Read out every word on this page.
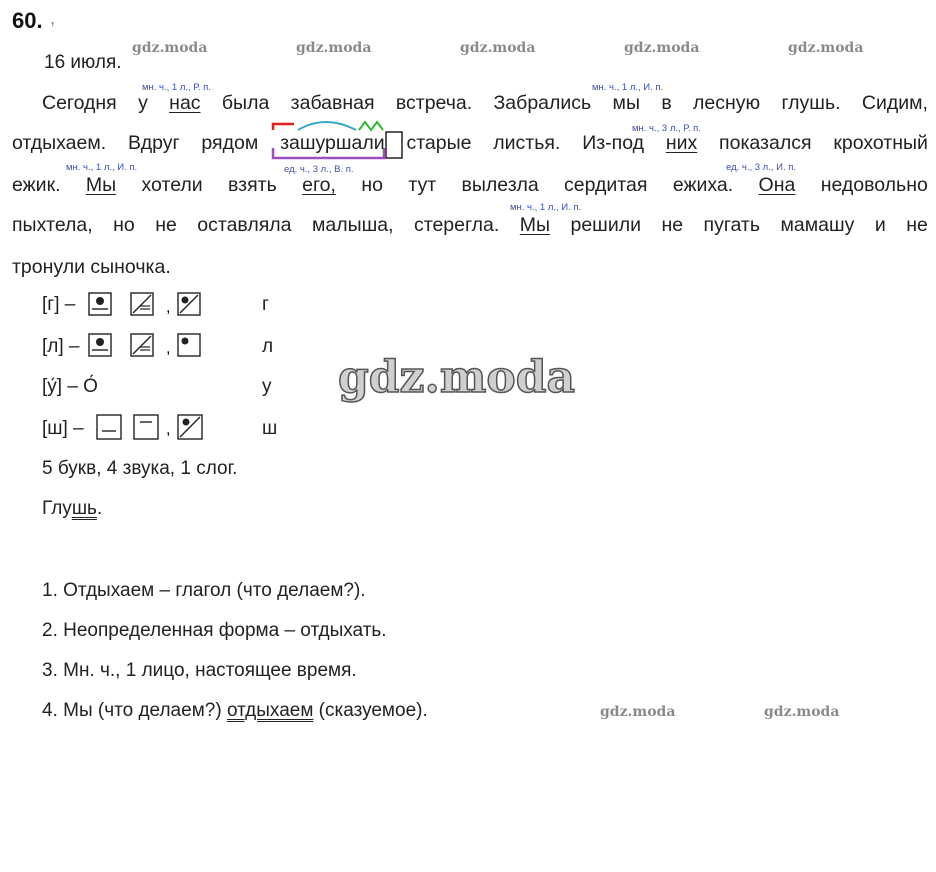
60. ,
gdz.moda	gdz.moda	gdz.moda	gdz.moda	gdz.moda
16 июля.
мн. ч., 1 л., Р. п.	мн. ч., 1 л., И. п.
мн. ч., 3 л., Р. п.
мн. ч., 1 л., И. п.	ед. ч., 3 л., В. п.	ед. ч., 3 л., И. п.
мн. ч., 1 л., И. п.
Сегодня у нас была забавная встреча. Забрались мы в лесную глушь. Сидим,
отдыхаем. Вдруг рядом зашуршали старые листья. Из-под них показался крохотный
ежик. Мы хотели взять его, но тут вылезла сердитая ежиха. Она недовольно
пыхтела, но не оставляла малыша, стерегла. Мы решили не пугать мамашу и не
тронули сыночка.
[г] –	,	г
[л] –	,	л
[у́] – О́	у
[ш] –	,	ш
gdz.moda
5 букв, 4 звука, 1 слог.
Глушь.
1. Отдыхаем – глагол (что делаем?).
2. Неопределенная форма – отдыхать.
3. Мн. ч., 1 лицо, настоящее время.
4. Мы (что делаем?) отдыхаем (сказуемое).	gdz.moda	gdz.moda
